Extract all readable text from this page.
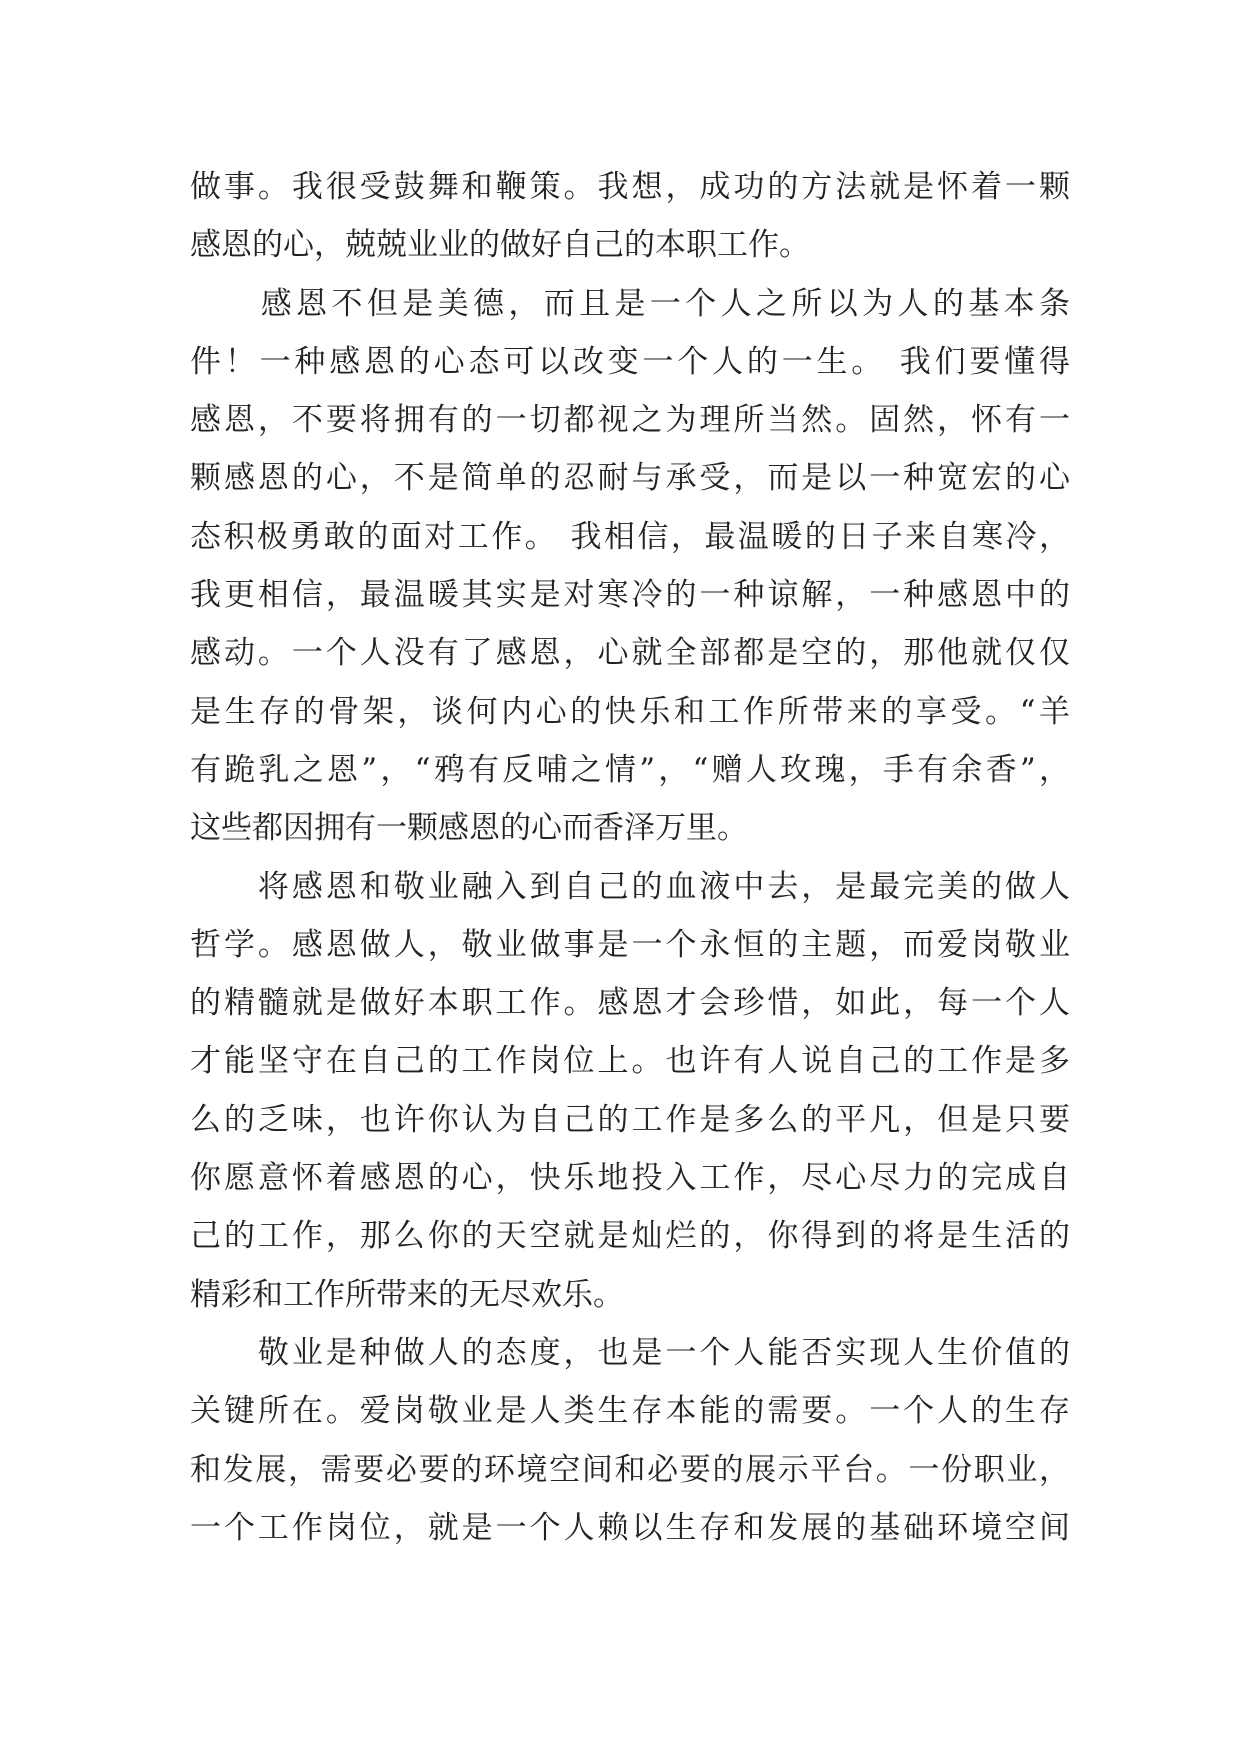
做事。我很受鼓舞和鞭策。我想，成功的方法就是怀着一颗
感恩的心，兢兢业业的做好自己的本职工作。
　　感恩不但是美德，而且是一个人之所以为人的基本条
件！一种感恩的心态可以改变一个人的一生。 我们要懂得
感恩，不要将拥有的一切都视之为理所当然。固然，怀有一
颗感恩的心，不是简单的忍耐与承受，而是以一种宽宏的心
态积极勇敢的面对工作。 我相信，最温暖的日子来自寒冷，
我更相信，最温暖其实是对寒冷的一种谅解，一种感恩中的
感动。一个人没有了感恩，心就全部都是空的，那他就仅仅
是生存的骨架，谈何内心的快乐和工作所带来的享受。“羊
有跪乳之恩”，“鸦有反哺之情”，“赠人玫瑰，手有余香”，
这些都因拥有一颗感恩的心而香泽万里。
　　将感恩和敬业融入到自己的血液中去，是最完美的做人
哲学。感恩做人，敬业做事是一个永恒的主题，而爱岗敬业
的精髓就是做好本职工作。感恩才会珍惜，如此，每一个人
才能坚守在自己的工作岗位上。也许有人说自己的工作是多
么的乏味，也许你认为自己的工作是多么的平凡，但是只要
你愿意怀着感恩的心，快乐地投入工作，尽心尽力的完成自
己的工作，那么你的天空就是灿烂的，你得到的将是生活的
精彩和工作所带来的无尽欢乐。
　　敬业是种做人的态度，也是一个人能否实现人生价值的
关键所在。爱岗敬业是人类生存本能的需要。一个人的生存
和发展，需要必要的环境空间和必要的展示平台。一份职业，
一个工作岗位，就是一个人赖以生存和发展的基础环境空间
